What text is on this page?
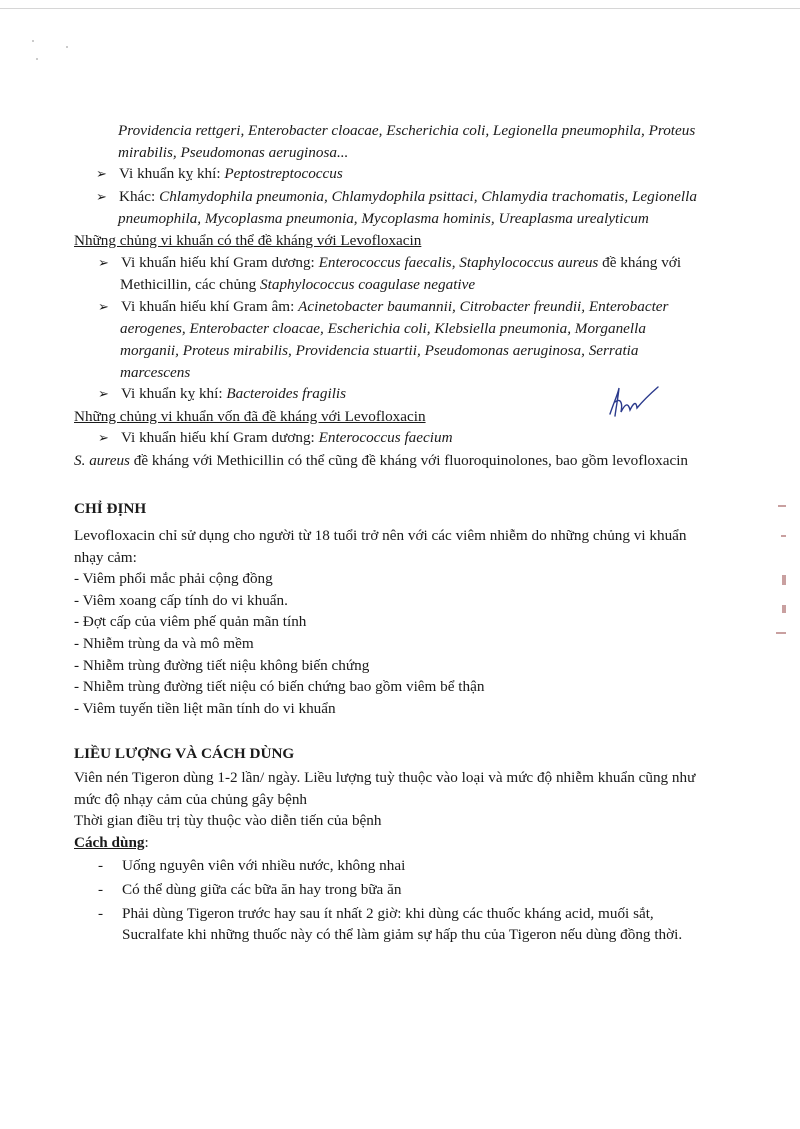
Providencia rettgeri, Enterobacter cloacae, Escherichia coli, Legionella pneumophila, Proteus
mirabilis, Pseudomonas aeruginosa...
➢ Vi khuẩn kỵ khí: Peptostreptococcus
➢ Khác: Chlamydophila pneumonia, Chlamydophila psittaci, Chlamydia trachomatis, Legionella
pneumophila, Mycoplasma pneumonia, Mycoplasma hominis, Ureaplasma urealyticum
Những chủng vi khuẩn có thể đề kháng với Levofloxacin
➢ Vi khuẩn hiếu khí Gram dương: Enterococcus faecalis, Staphylococcus aureus đề kháng với
Methicillin, các chủng Staphylococcus coagulase negative
➢ Vi khuẩn hiếu khí Gram âm: Acinetobacter baumannii, Citrobacter freundii, Enterobacter
aerogenes, Enterobacter cloacae, Escherichia coli, Klebsiella pneumonia, Morganella
morganii, Proteus mirabilis, Providencia stuartii, Pseudomonas aeruginosa, Serratia
marcescens
➢ Vi khuẩn kỵ khí: Bacteroides fragilis
Những chủng vi khuẩn vốn đã đề kháng với Levofloxacin
➢ Vi khuẩn hiếu khí Gram dương: Enterococcus faecium
S. aureus đề kháng với Methicillin có thể cũng đề kháng với fluoroquinolones, bao gồm levofloxacin
CHỈ ĐỊNH
Levofloxacin chỉ sử dụng cho người từ 18 tuổi trở nên với các viêm nhiễm do những chủng vi khuẩn
nhạy cảm:
- Viêm phổi mắc phải cộng đồng
- Viêm xoang cấp tính do vi khuẩn.
- Đợt cấp của viêm phế quản mãn tính
- Nhiễm trùng da và mô mềm
- Nhiễm trùng đường tiết niệu không biến chứng
- Nhiễm trùng đường tiết niệu có biến chứng bao gồm viêm bể thận
- Viêm tuyến tiền liệt mãn tính do vi khuẩn
LIỀU LƯỢNG VÀ CÁCH DÙNG
Viên nén Tigeron dùng 1-2 lần/ ngày. Liều lượng tuỳ thuộc vào loại và mức độ nhiễm khuẩn cũng như
mức độ nhạy cảm của chủng gây bệnh
Thời gian điều trị tùy thuộc vào diễn tiến của bệnh
Cách dùng:
- Uống nguyên viên với nhiều nước, không nhai
- Có thể dùng giữa các bữa ăn hay trong bữa ăn
- Phải dùng Tigeron trước hay sau ít nhất 2 giờ: khi dùng các thuốc kháng acid, muối sắt,
Sucralfate khi những thuốc này có thể làm giảm sự hấp thu của Tigeron nếu dùng đồng thời.
